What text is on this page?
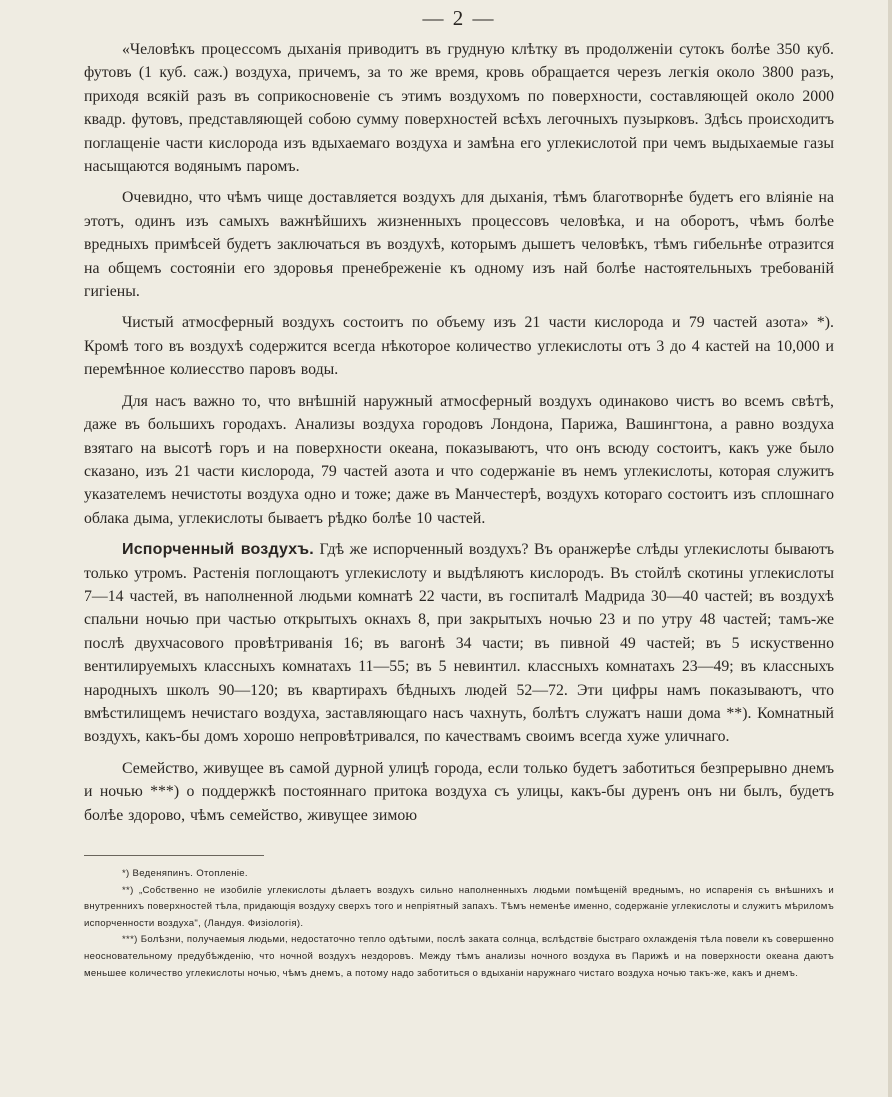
— 2 —

«Человѣкъ процессомъ дыханія приводитъ въ грудную клѣтку въ продолженіи сутокъ болѣе 350 куб. футовъ (1 куб. саж.) воздуха, причемъ, за то же время, кровь обращается черезъ легкія около 3800 разъ, приходя всякій разъ въ соприкосновеніе съ этимъ воздухомъ по поверхности, составляющей около 2000 квадр. футовъ, представляющей собою сумму поверхностей всѣхъ легочныхъ пузырковъ. Здѣсь происходитъ поглащеніе части кислорода изъ вдыхаемаго воздуха и замѣна его углекислотой при чемъ выдыхаемые газы насыщаются водянымъ паромъ.

Очевидно, что чѣмъ чище доставляется воздухъ для дыханія, тѣмъ благотворнѣе будетъ его вліяніе на этотъ, одинъ изъ самыхъ важнѣйшихъ жизненныхъ процессовъ человѣка, и на оборотъ, чѣмъ болѣе вредныхъ примѣсей будетъ заключаться въ воздухѣ, которымъ дышетъ человѣкъ, тѣмъ гибельнѣе отразится на общемъ состояніи его здоровья пренебреженіе къ одному изъ най болѣе настоятельныхъ требованій гигіены.

Чистый атмосферный воздухъ состоитъ по объему изъ 21 части кислорода и 79 частей азота» *). Кромѣ того въ воздухѣ содержится всегда нѣкоторое количество углекислоты отъ 3 до 4 кастей на 10,000 и перемѣнное колиесство паровъ воды.

Для насъ важно то, что внѣшній наружный атмосферный воздухъ одинаково чистъ во всемъ свѣтѣ, даже въ большихъ городахъ. Анализы воздуха городовъ Лондона, Парижа, Вашингтона, а равно воздуха взятаго на высотѣ горъ и на поверхности океана, показываютъ, что онъ всюду состоитъ, какъ уже было сказано, изъ 21 части кислорода, 79 частей азота и что содержаніе въ немъ углекислоты, которая служитъ указателемъ нечистоты воздуха одно и тоже; даже въ Манчестерѣ, воздухъ котораго состоитъ изъ сплошнаго облака дыма, углекислоты бываетъ рѣдко болѣе 10 частей.

Испорченный воздухъ. Гдѣ же испорченный воздухъ? Въ оранжерѣе слѣды углекислоты бываютъ только утромъ. Растенія поглощаютъ углекислоту и выдѣляютъ кислородъ. Въ стойлѣ скотины углекислоты 7—14 частей, въ наполненной людьми комнатѣ 22 части, въ госпиталѣ Мадрида 30—40 частей; въ воздухѣ спальни ночью при частью открытыхъ окнахъ 8, при закрытыхъ ночью 23 и по утру 48 частей; тамъ-же послѣ двухчасового провѣтриванія 16; въ вагонѣ 34 части; въ пивной 49 частей; въ 5 искуственно вентилируемыхъ классныхъ комнатахъ 11—55; въ 5 невинтил. классныхъ комнатахъ 23—49; въ классныхъ народныхъ школъ 90—120; въ квартирахъ бѣдныхъ людей 52—72. Эти цифры намъ показываютъ, что вмѣстилищемъ нечистаго воздуха, заставляющаго насъ чахнуть, болѣтъ служатъ наши дома **). Комнатный воздухъ, какъ-бы домъ хорошо непровѣтривался, по качествамъ своимъ всегда хуже уличнаго.

Семейство, живущее въ самой дурной улицѣ города, если только будетъ заботиться безпрерывно днемъ и ночью ***) о поддержкѣ постояннаго притока воздуха съ улицы, какъ-бы дуренъ онъ ни былъ, будетъ болѣе здорово, чѣмъ семейство, живущее зимою

*) Веденяпинъ. Отопленіе.

**) „Собственно не изобиліе углекислоты дѣлаетъ воздухъ сильно наполненныхъ людьми помѣщеній вреднымъ, но испаренія съ внѣшнихъ и внутреннихъ поверхностей тѣла, придающія воздуху сверхъ того и непріятный запахъ. Тѣмъ неменѣе именно, содержаніе углекислоты и служитъ мѣриломъ испорченности воздуха", (Ландуя. Физіологія).

***) Болѣзни, получаемыя людьми, недостаточно тепло одѣтыми, послѣ заката солнца, вслѣдствіе быстраго охлажденія тѣла повели къ совершенно неосновательному предубѣжденію, что ночной воздухъ нездоровъ. Между тѣмъ анализы ночного воздуха въ Парижѣ и на поверхности океана даютъ меньшее количество углекислоты ночью, чѣмъ днемъ, а потому надо заботиться о вдыханіи наружнаго чистаго воздуха ночью такъ-же, какъ и днемъ.
